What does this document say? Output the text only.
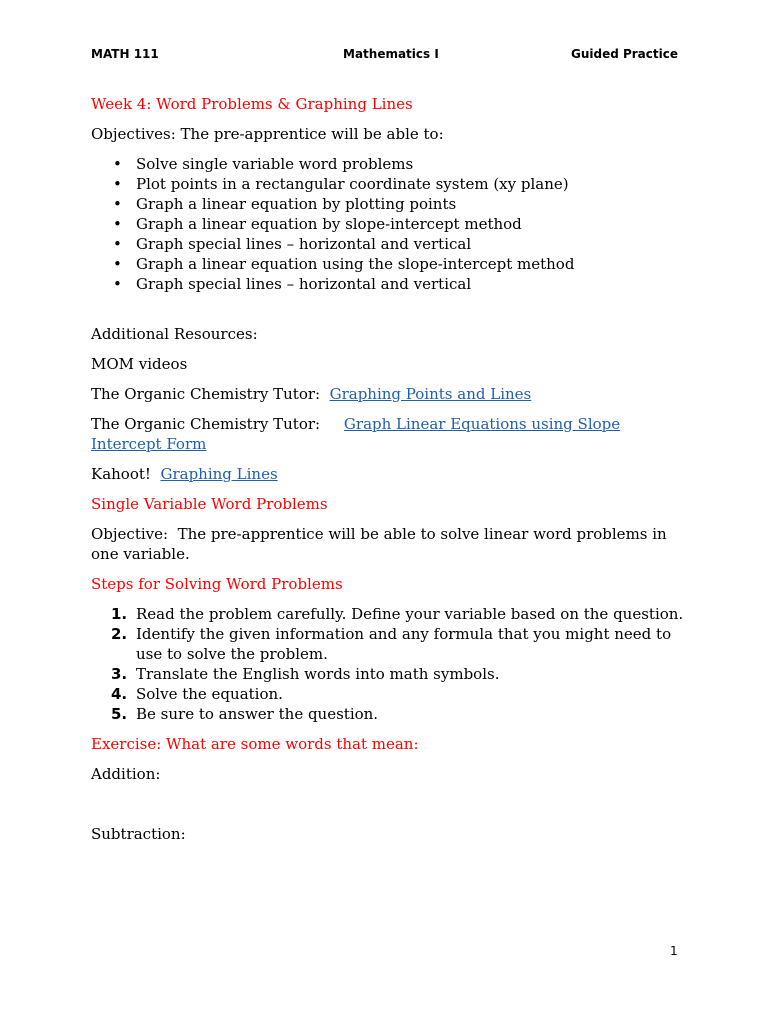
MATH 111	Mathematics I	Guided Practice

Week 4: Word Problems & Graphing Lines

Objectives: The pre-apprentice will be able to:

• Solve single variable word problems
• Plot points in a rectangular coordinate system (xy plane)
• Graph a linear equation by plotting points
• Graph a linear equation by slope-intercept method
• Graph special lines – horizontal and vertical
• Graph a linear equation using the slope-intercept method
• Graph special lines – horizontal and vertical

Additional Resources:

MOM videos

The Organic Chemistry Tutor:  Graphing Points and Lines

The Organic Chemistry Tutor:     Graph Linear Equations using Slope Intercept Form

Kahoot!  Graphing Lines

Single Variable Word Problems

Objective:  The pre-apprentice will be able to solve linear word problems in one variable.

Steps for Solving Word Problems

1. Read the problem carefully. Define your variable based on the question.
2. Identify the given information and any formula that you might need to use to solve the problem.
3. Translate the English words into math symbols.
4. Solve the equation.
5. Be sure to answer the question.

Exercise: What are some words that mean:

Addition:

Subtraction:

1
